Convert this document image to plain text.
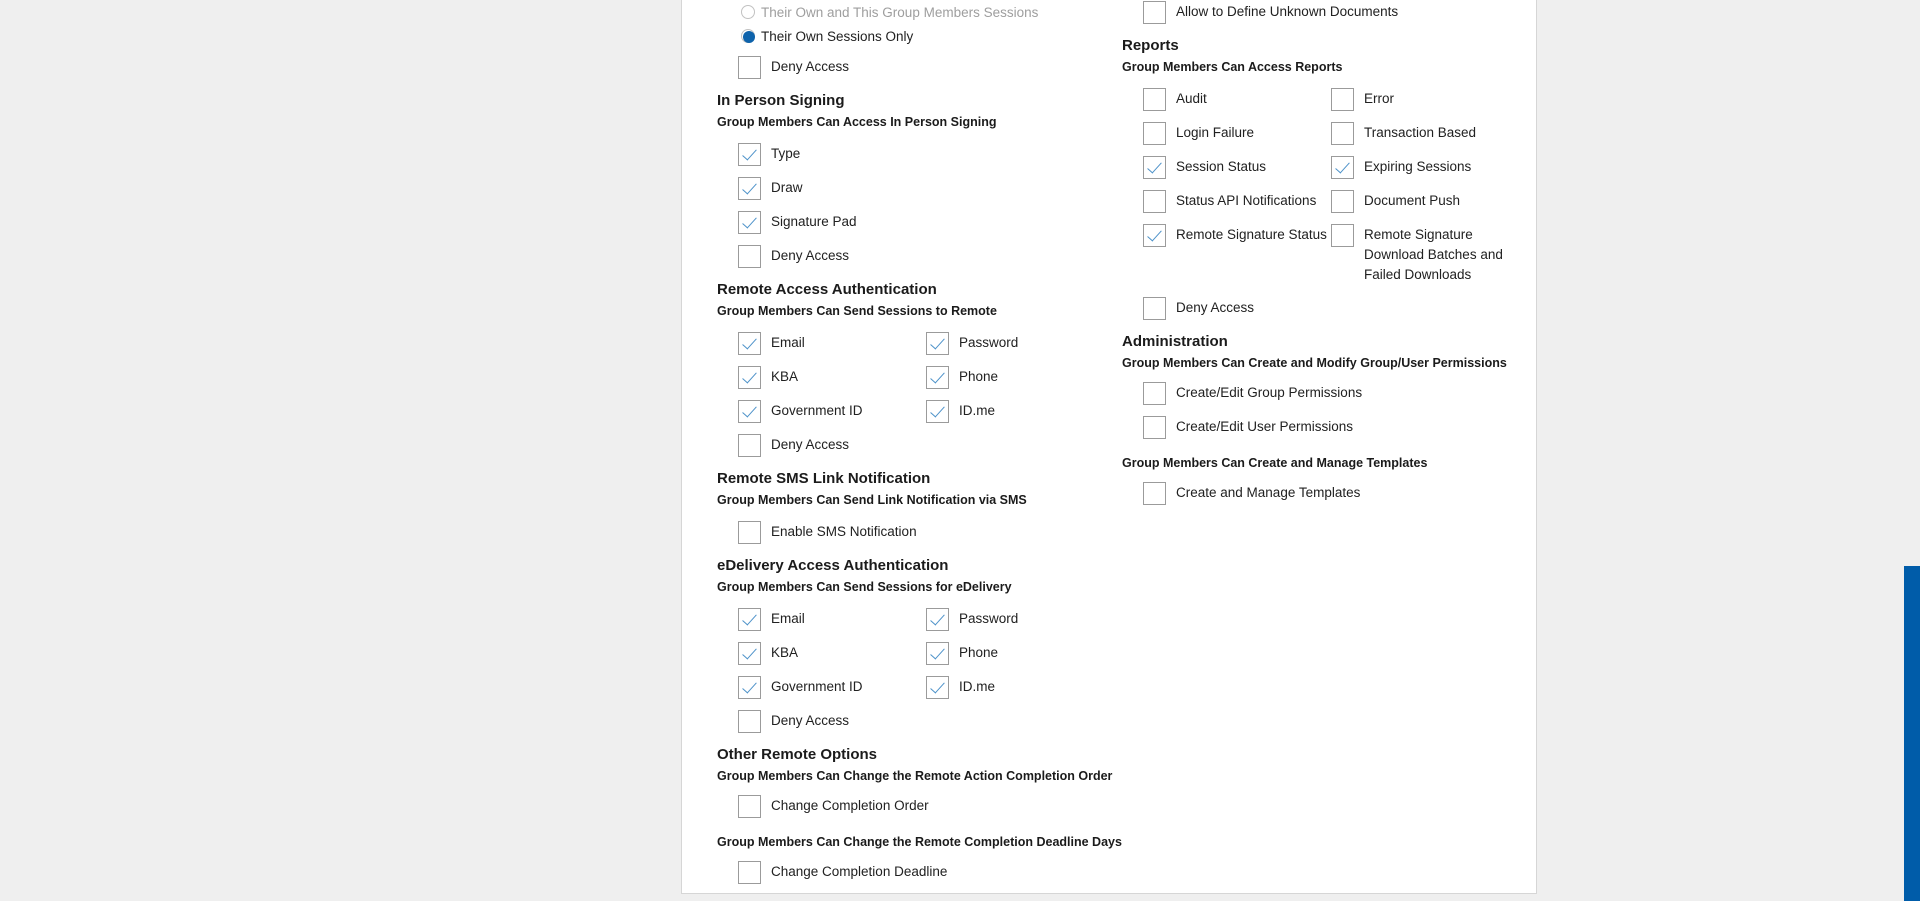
Their Own and This Group Members Sessions
Their Own Sessions Only
Deny Access
In Person Signing
Group Members Can Access In Person Signing
Type
Draw
Signature Pad
Deny Access
Remote Access Authentication
Group Members Can Send Sessions to Remote
Email	Password
KBA	Phone
Government ID	ID.me
Deny Access
Remote SMS Link Notification
Group Members Can Send Link Notification via SMS
Enable SMS Notification
eDelivery Access Authentication
Group Members Can Send Sessions for eDelivery
Email	Password
KBA	Phone
Government ID	ID.me
Deny Access
Other Remote Options
Group Members Can Change the Remote Action Completion Order
Change Completion Order
Group Members Can Change the Remote Completion Deadline Days
Change Completion Deadline
Allow to Define Unknown Documents
Reports
Group Members Can Access Reports
Audit	Error
Login Failure	Transaction Based
Session Status	Expiring Sessions
Status API Notifications	Document Push
Remote Signature Status	Remote Signature Download Batches and Failed Downloads
Deny Access
Administration
Group Members Can Create and Modify Group/User Permissions
Create/Edit Group Permissions
Create/Edit User Permissions
Group Members Can Create and Manage Templates
Create and Manage Templates
